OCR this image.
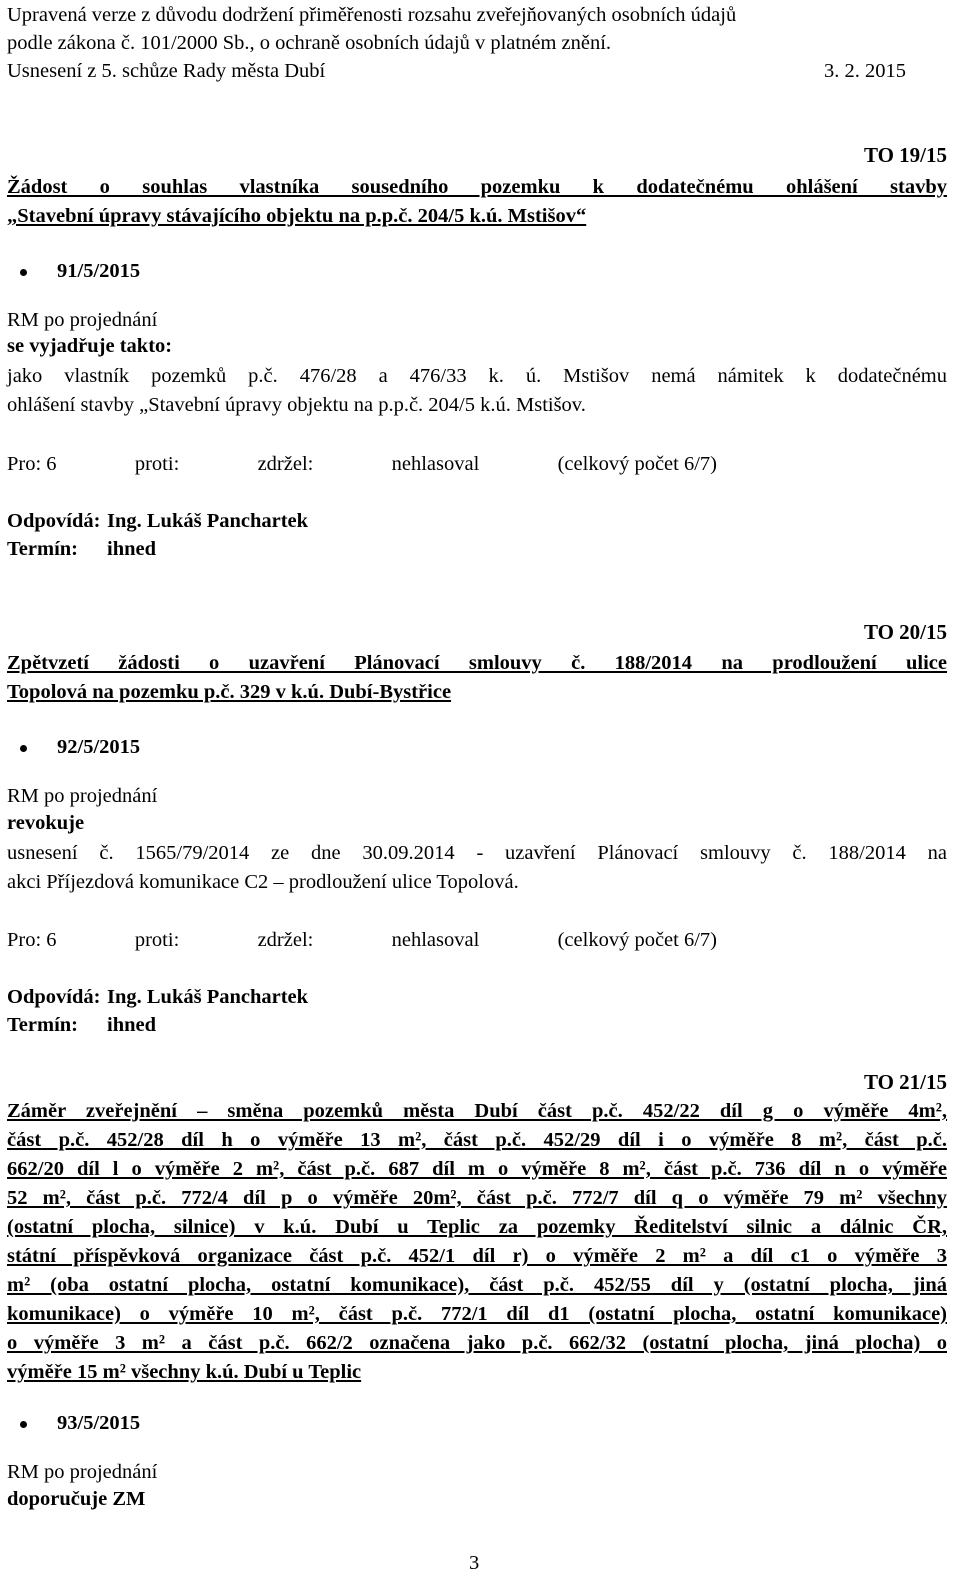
Upravená verze z důvodu dodržení přiměřenosti rozsahu zveřejňovaných osobních údajů
podle zákona č. 101/2000 Sb., o ochraně osobních údajů v platném znění.
Usnesení z 5. schůze Rady města Dubí	3. 2. 2015
TO 19/15
Žádost o souhlas vlastníka sousedního pozemku k dodatečnému ohlášení stavby
„Stavební úpravy stávajícího objektu na p.p.č. 204/5 k.ú. Mstišov“
91/5/2015
RM po projednání
se vyjadřuje takto:
jako vlastník pozemků p.č. 476/28 a 476/33 k. ú. Mstišov nemá námitek k dodatečnému
ohlášení stavby „Stavební úpravy objektu na p.p.č. 204/5 k.ú. Mstišov.
Pro: 6	proti:	zdržel:	nehlasoval	(celkový počet 6/7)
Odpovídá: Ing. Lukáš Panchartek
Termín: ihned
TO 20/15
Zpětvzetí žádosti o uzavření Plánovací smlouvy č. 188/2014 na prodloužení ulice
Topolová na pozemku p.č. 329 v k.ú. Dubí-Bystřice
92/5/2015
RM po projednání
revokuje
usnesení č. 1565/79/2014 ze dne 30.09.2014 - uzavření Plánovací smlouvy č. 188/2014 na
akci Příjezdová komunikace C2 – prodloužení ulice Topolová.
Pro: 6	proti:	zdržel:	nehlasoval	(celkový počet 6/7)
Odpovídá: Ing. Lukáš Panchartek
Termín: ihned
TO 21/15
Záměr zveřejnění – směna pozemků města Dubí část p.č. 452/22 díl g o výměře 4m²,
část p.č. 452/28 díl h o výměře 13 m², část p.č. 452/29 díl i o výměře 8 m², část p.č.
662/20 díl l o výměře 2 m², část p.č. 687 díl m o výměře 8 m², část p.č. 736 díl n o výměře
52 m², část p.č. 772/4 díl p o výměře 20m², část p.č. 772/7 díl q o výměře 79 m² všechny
(ostatní plocha, silnice) v k.ú. Dubí u Teplic za pozemky Ředitelství silnic a dálnic ČR,
státní příspěvková organizace část p.č. 452/1 díl r) o výměře 2 m² a díl c1 o výměře 3
m² (oba ostatní plocha, ostatní komunikace), část p.č. 452/55 díl y (ostatní plocha, jiná
komunikace) o výměře 10 m², část p.č. 772/1 díl d1 (ostatní plocha, ostatní komunikace)
o výměře 3 m² a část p.č. 662/2 označena jako p.č. 662/32 (ostatní plocha, jiná plocha) o
výměře 15 m² všechny k.ú. Dubí u Teplic
93/5/2015
RM po projednání
doporučuje ZM
3
